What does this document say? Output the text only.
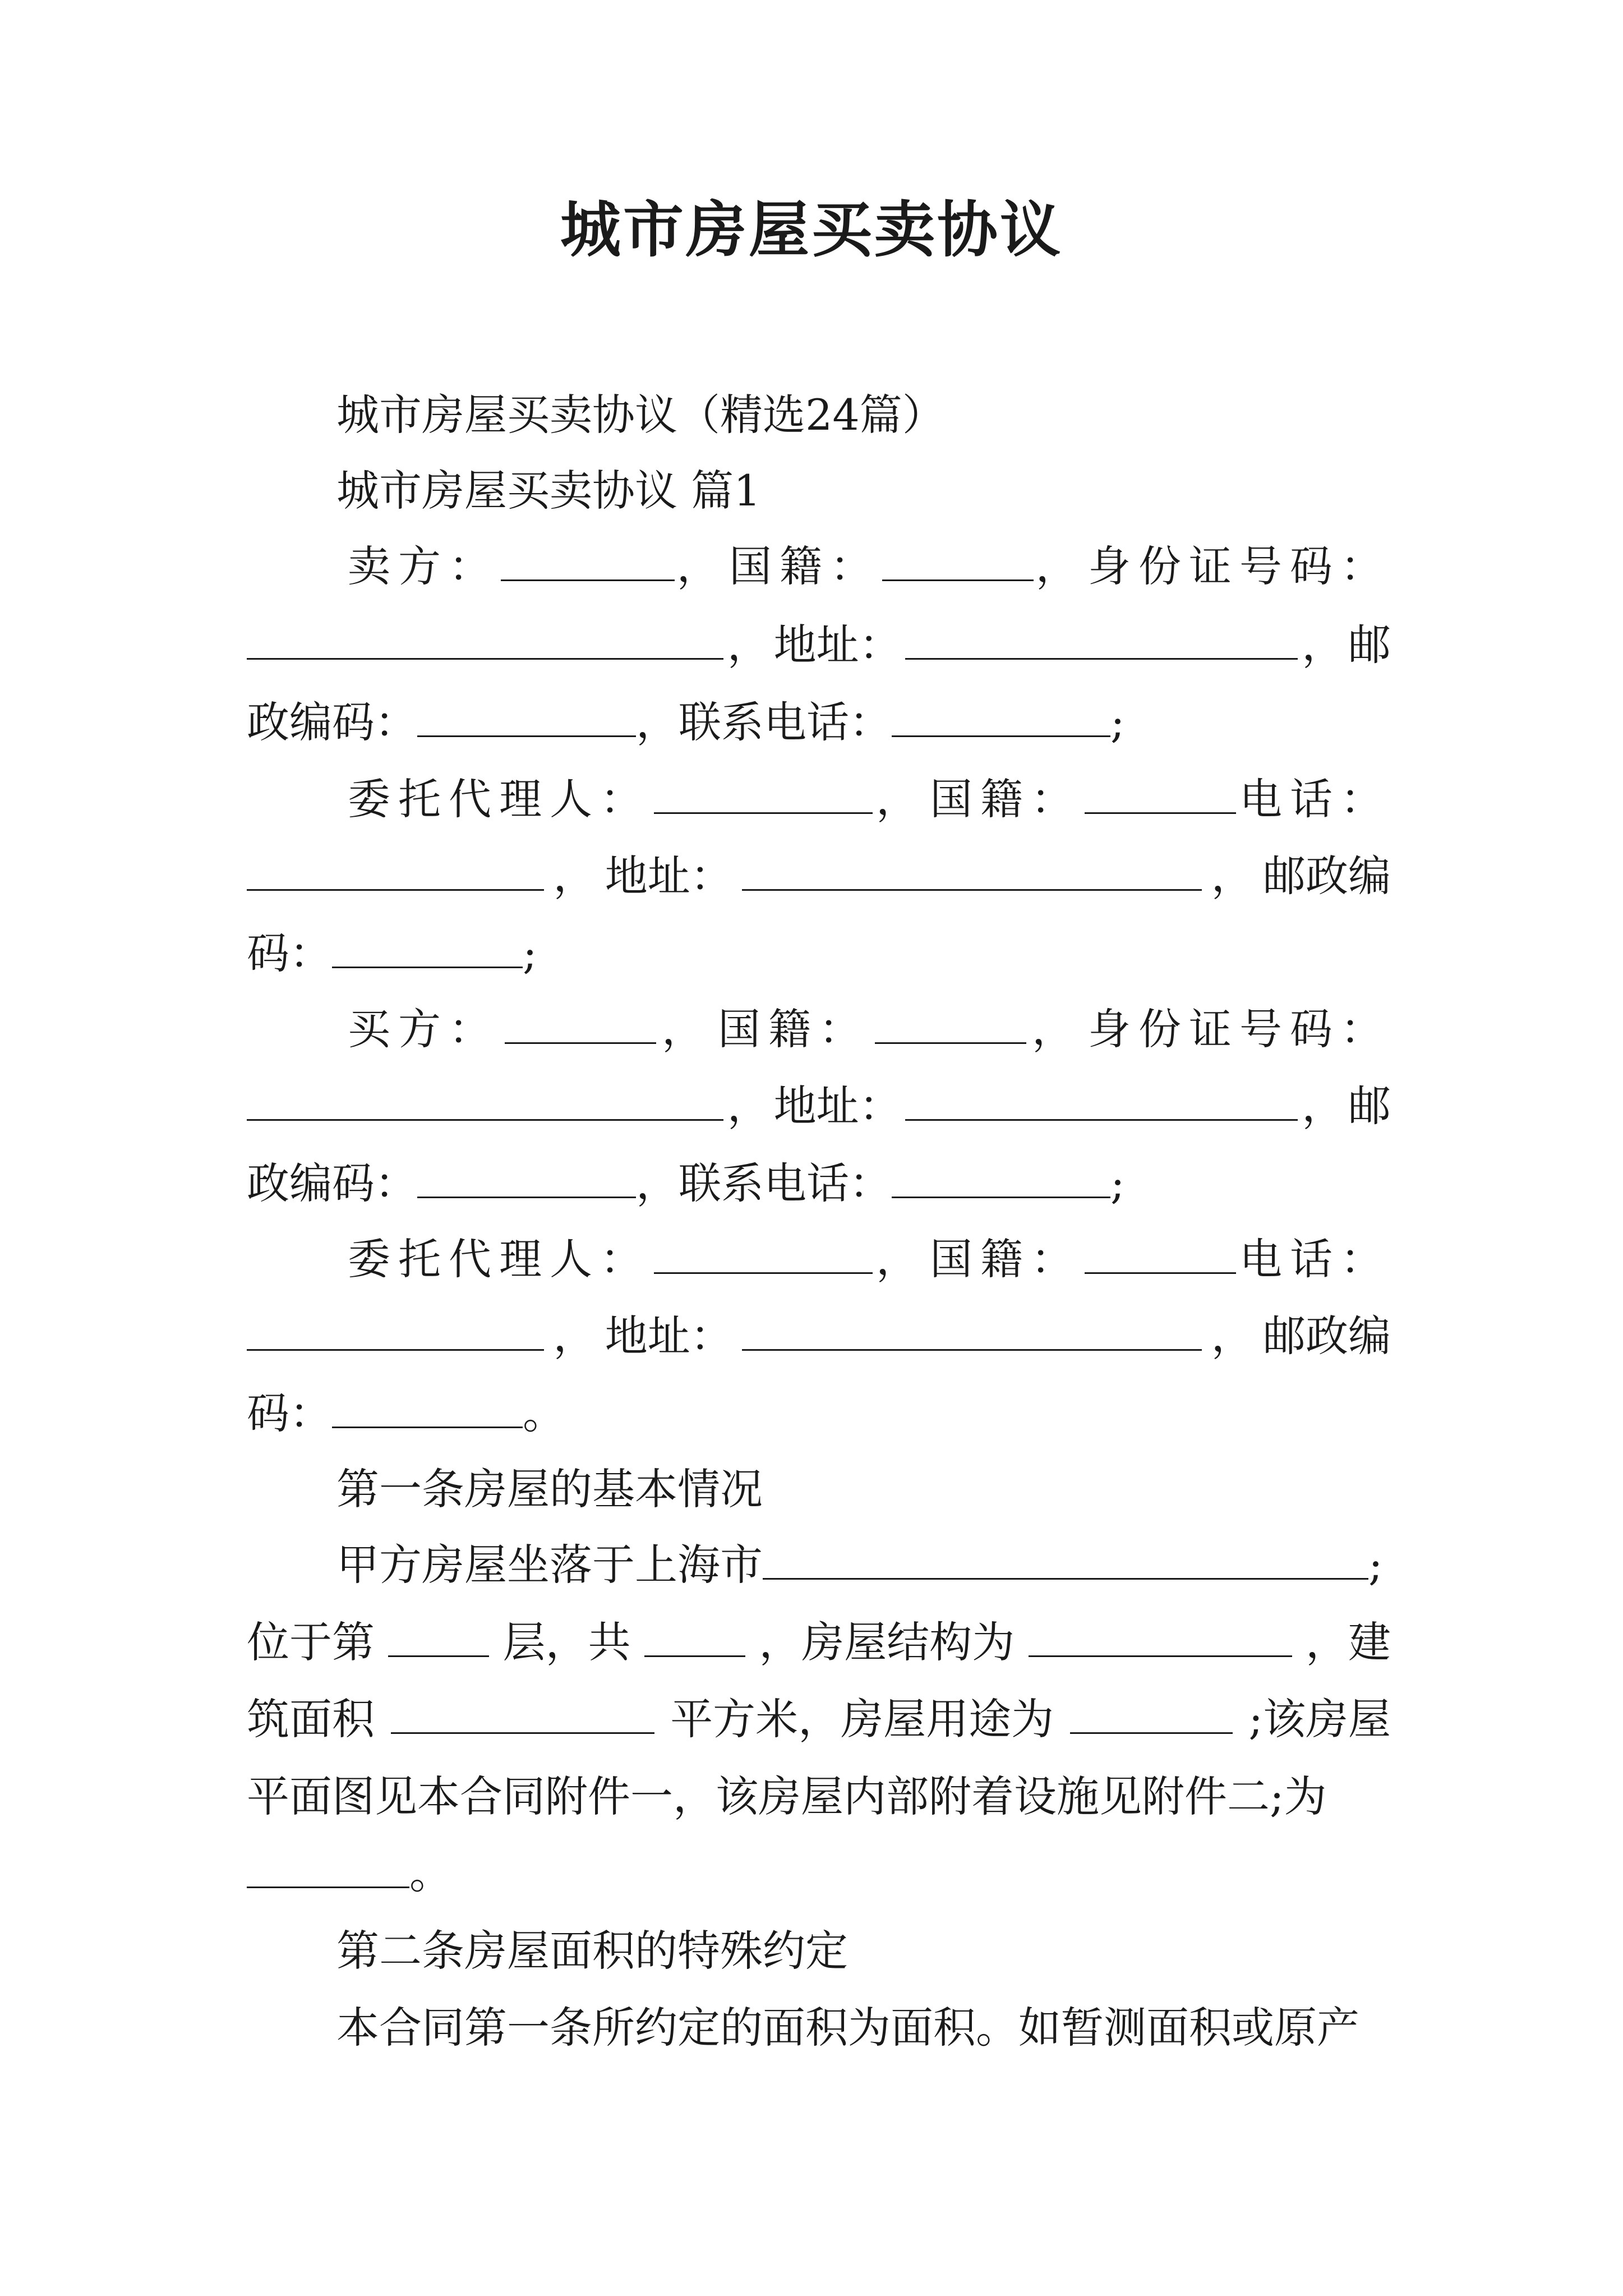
城市房屋买卖协议
城市房屋买卖协议（精选24篇）
城市房屋买卖协议 篇1
卖方：	， 国籍：	， 身份证号码：
， 地址：	， 邮
政编码：	，联系电话：	;
委托代理人：	， 国籍：	电话：
， 地址：	， 邮政编
码：	;
买方：	， 国籍：	， 身份证号码：
， 地址：	， 邮
政编码：	，联系电话：	;
委托代理人：	， 国籍：	电话：
， 地址：	， 邮政编
码：	。
第一条房屋的基本情况
甲方房屋坐落于上海市	;
位于第	层，共	，房屋结构为	，建
筑面积	平方米，房屋用途为	;该房屋
平面图见本合同附件一，该房屋内部附着设施见附件二;为
。
第二条房屋面积的特殊约定
本合同第一条所约定的面积为面积。如暂测面积或原产
